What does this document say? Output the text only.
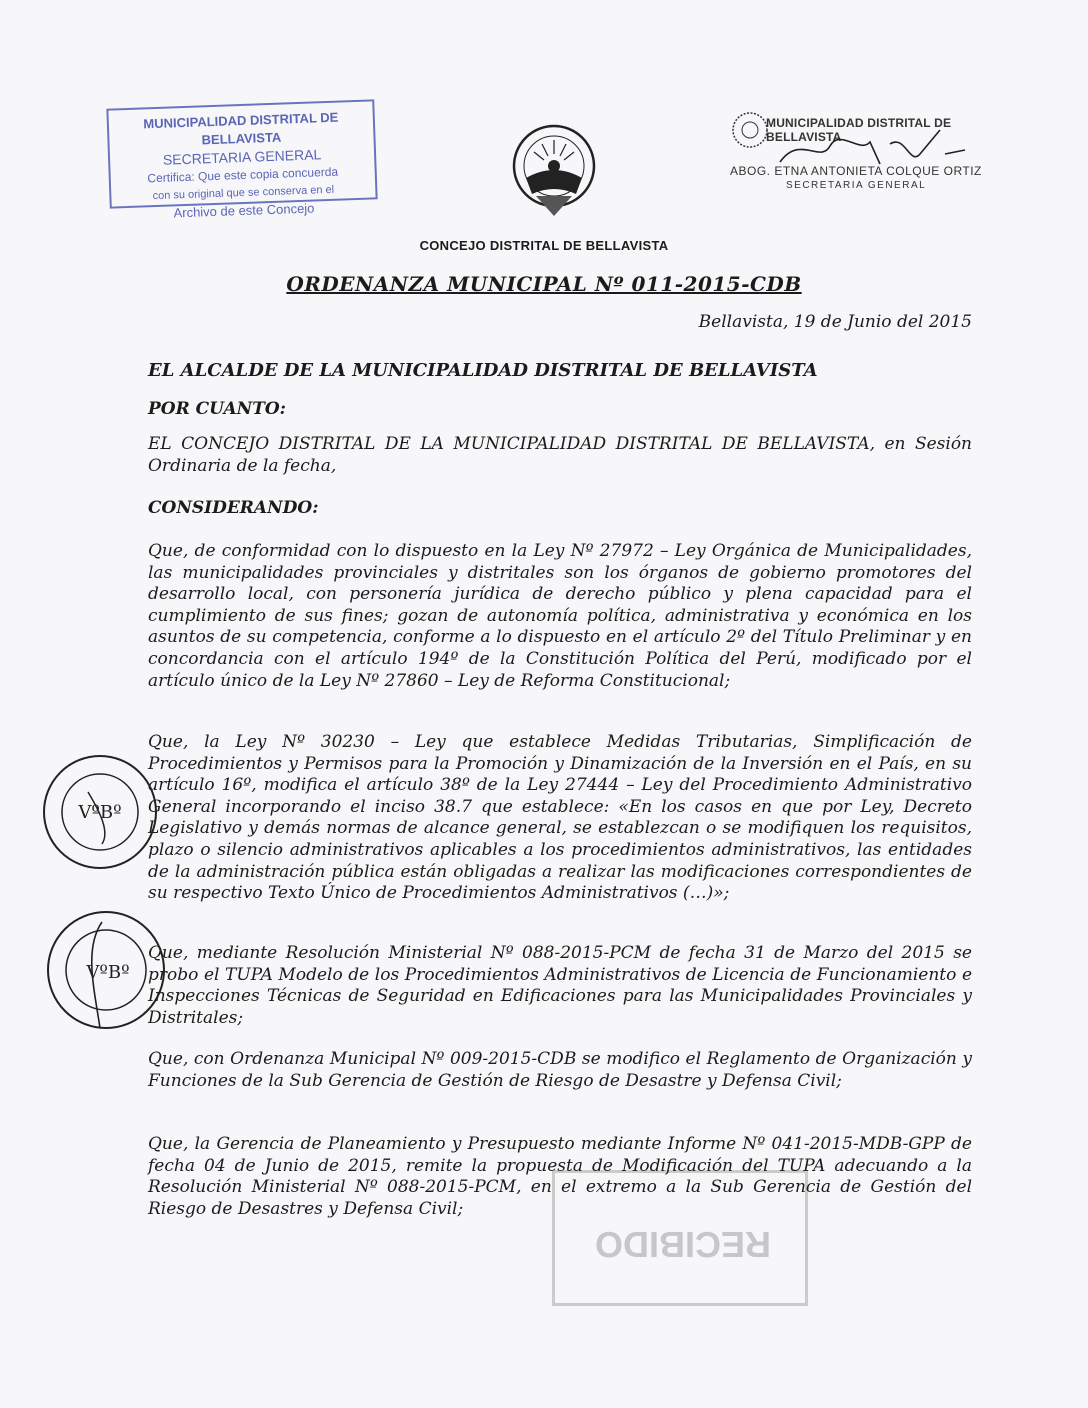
MUNICIPALIDAD DISTRITAL DE BELLAVISTA
SECRETARIA GENERAL
Certifica: Que este copia concuerda
con su original que se conserva en el
Archivo de este Concejo
MUNICIPALIDAD DISTRITAL DE BELLAVISTA
ABOG. ETNA ANTONIETA COLQUE ORTIZ
SECRETARIA GENERAL
CONCEJO DISTRITAL DE BELLAVISTA
ORDENANZA MUNICIPAL Nº 011-2015-CDB
Bellavista, 19 de Junio del 2015
EL ALCALDE DE LA MUNICIPALIDAD DISTRITAL DE BELLAVISTA
POR CUANTO:
EL CONCEJO DISTRITAL DE LA MUNICIPALIDAD DISTRITAL DE BELLAVISTA, en Sesión Ordinaria de la fecha,
CONSIDERANDO:
Que, de conformidad con lo dispuesto en la Ley Nº 27972 – Ley Orgánica de Municipalidades, las municipalidades provinciales y distritales son los órganos de gobierno promotores del desarrollo local, con personería jurídica de derecho público y plena capacidad para el cumplimiento de sus fines; gozan de autonomía política, administrativa y económica en los asuntos de su competencia, conforme a lo dispuesto en el artículo 2º del Título Preliminar y en concordancia con el artículo 194º de la Constitución Política del Perú, modificado por el artículo único de la Ley Nº 27860 – Ley de Reforma Constitucional;
Que, la Ley Nº 30230 – Ley que establece Medidas Tributarias, Simplificación de Procedimientos y Permisos para la Promoción y Dinamización de la Inversión en el País, en su artículo 16º, modifica el artículo 38º de la Ley 27444 – Ley del Procedimiento Administrativo General incorporando el inciso 38.7 que establece: «En los casos en que por Ley, Decreto Legislativo y demás normas de alcance general, se establezcan o se modifiquen los requisitos, plazo o silencio administrativos aplicables a los procedimientos administrativos, las entidades de la administración pública están obligadas a realizar las modificaciones correspondientes de su respectivo Texto Único de Procedimientos Administrativos (…)»;
Que, mediante Resolución Ministerial Nº 088-2015-PCM de fecha 31 de Marzo del 2015 se probo el TUPA Modelo de los Procedimientos Administrativos de Licencia de Funcionamiento e Inspecciones Técnicas de Seguridad en Edificaciones para las Municipalidades Provinciales y Distritales;
Que, con Ordenanza Municipal Nº 009-2015-CDB se modifico el Reglamento de Organización y Funciones de la Sub Gerencia de Gestión de Riesgo de Desastre y Defensa Civil;
Que, la Gerencia de Planeamiento y Presupuesto mediante Informe Nº 041-2015-MDB-GPP de fecha 04 de Junio de 2015, remite la propuesta de Modificación del TUPA adecuando a la Resolución Ministerial Nº 088-2015-PCM, en el extremo a la Sub Gerencia de Gestión del Riesgo de Desastres y Defensa Civil;
VºBº
VºBº
RECIBIDO
